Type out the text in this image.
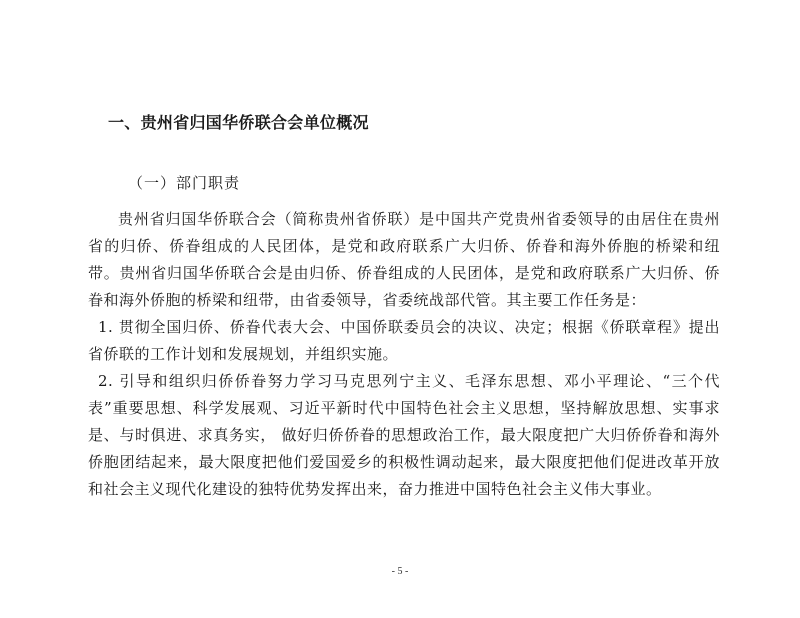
一、贵州省归国华侨联合会单位概况
（一）部门职责

贵州省归国华侨联合会（简称贵州省侨联）是中国共产党贵州省委领导的由居住在贵州省的归侨、侨眷组成的人民团体，是党和政府联系广大归侨、侨眷和海外侨胞的桥梁和纽带。贵州省归国华侨联合会是由归侨、侨眷组成的人民团体，是党和政府联系广大归侨、侨眷和海外侨胞的桥梁和纽带，由省委领导，省委统战部代管。其主要工作任务是：

1. 贯彻全国归侨、侨眷代表大会、中国侨联委员会的决议、决定；根据《侨联章程》提出省侨联的工作计划和发展规划，并组织实施。

2. 引导和组织归侨侨眷努力学习马克思列宁主义、毛泽东思想、邓小平理论、“三个代表”重要思想、科学发展观、习近平新时代中国特色社会主义思想，坚持解放思想、实事求是、与时俱进、求真务实， 做好归侨侨眷的思想政治工作，最大限度把广大归侨侨眷和海外侨胞团结起来，最大限度把他们爱国爱乡的积极性调动起来，最大限度把他们促进改革开放和社会主义现代化建设的独特优势发挥出来，奋力推进中国特色社会主义伟大事业。

- 5 -
